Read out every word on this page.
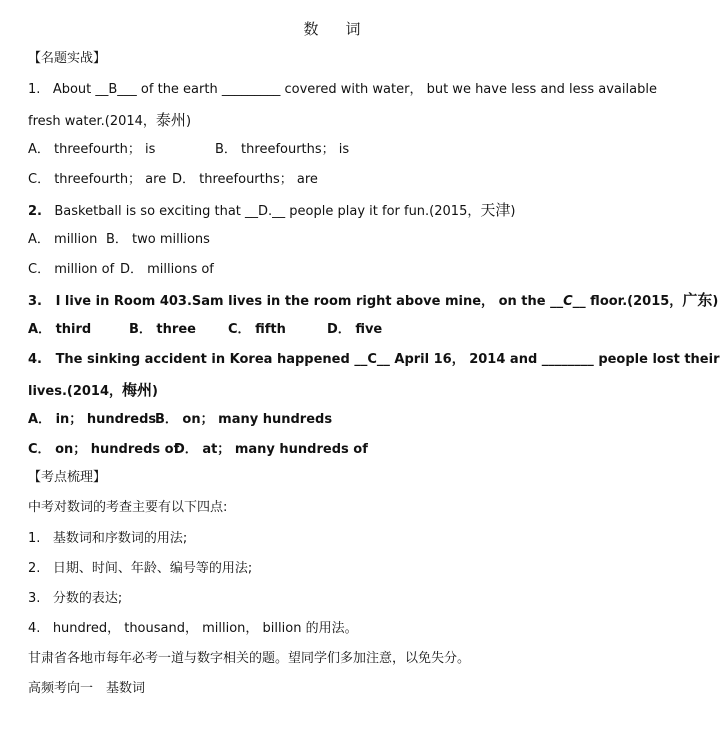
数　词
【名题实战】
1. About __B___ of the earth _________ covered with water， but we have less and less available
fresh water.(2014，泰州)
A． threefourth； is	B． threefourths； is
C． threefourth； are D． threefourths； are
2. Basketball is so exciting that __D.__ people play it for fun.(2015，天津)
A． million B． two millions
C． million of D． millions of
3. I live in Room 403.Sam lives in the room right above mine， on the __C__ floor.(2015，广东)
A． third	B． three C． fifth	D． five
4. The sinking accident in Korea happened __C__ April 16， 2014 and ________ people lost their
lives.(2014，梅州)
A． in； hundreds
B． on； many hundreds
C． on； hundreds of
D． at； many hundreds of
【考点梳理】
中考对数词的考查主要有以下四点:
1. 基数词和序数词的用法;
2. 日期、时间、年龄、编号等的用法;
3. 分数的表达;
4. hundred， thousand， million， billion 的用法。
甘肃省各地市每年必考一道与数字相关的题。望同学们多加注意，以免失分。
高频考向一　基数词
